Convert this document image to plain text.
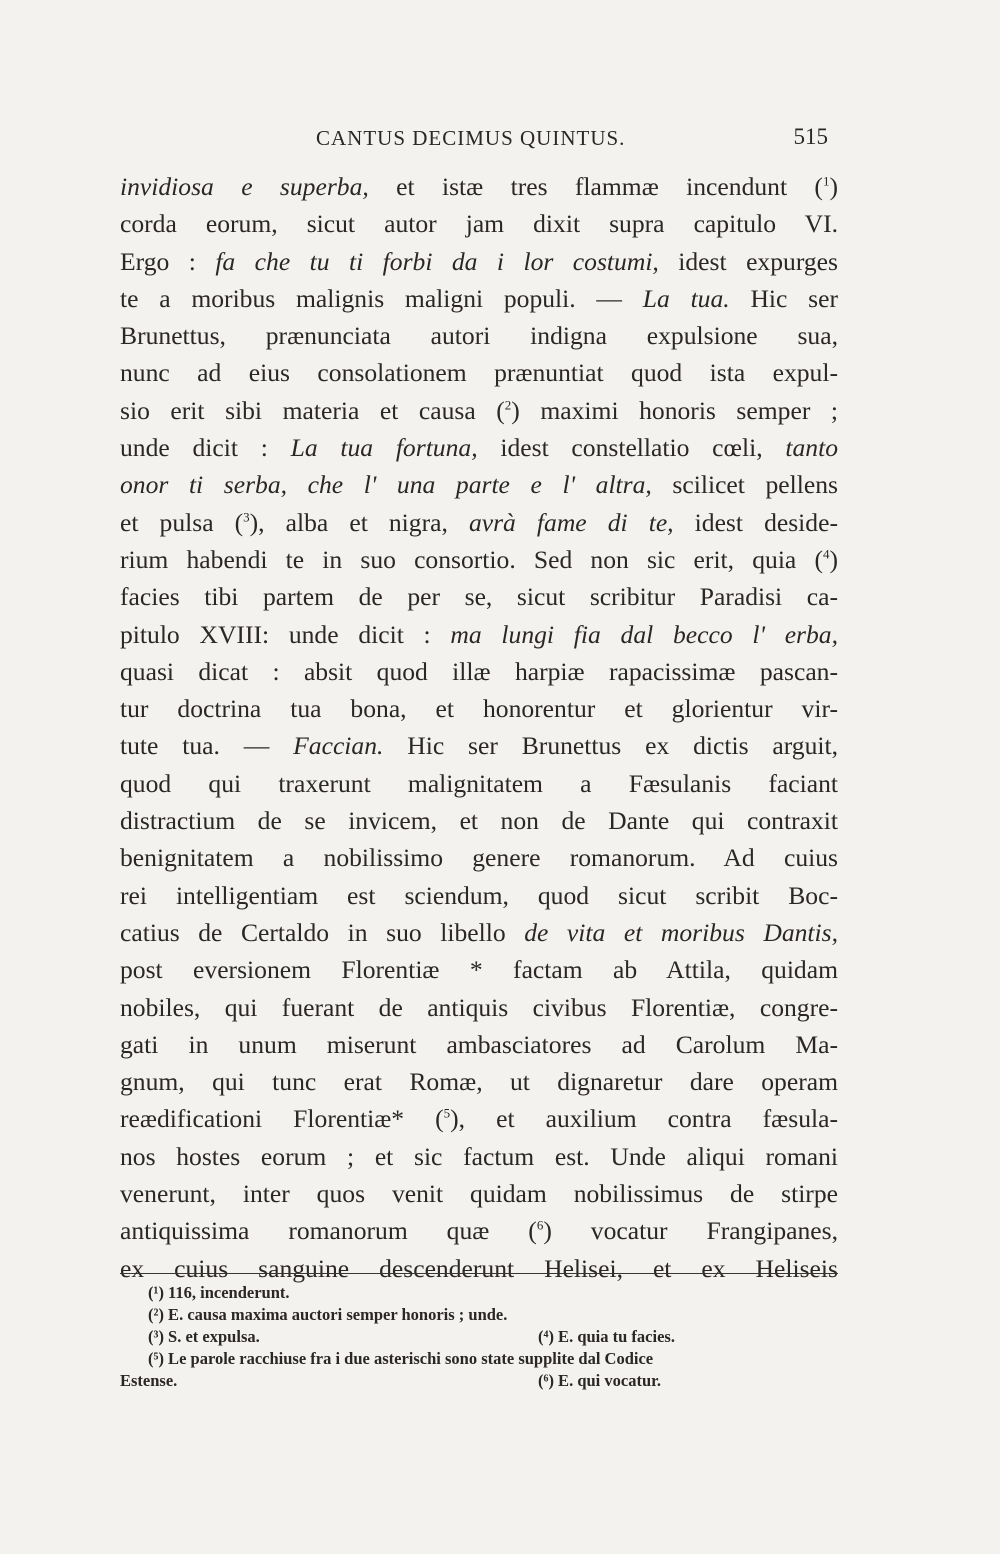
CANTUS DECIMUS QUINTUS.	515
invidiosa e superba, et istæ tres flammæ incendunt ($^1$)
corda eorum, sicut autor jam dixit supra capitulo VI.
Ergo : fa che tu ti forbi da i lor costumi, idest expurges
te a moribus malignis maligni populi. — La tua. Hic ser
Brunettus, prænunciata autori indigna expulsione sua,
nunc ad eius consolationem prænuntiat quod ista expul-
sio erit sibi materia et causa ($^2$) maximi honoris semper ;
unde dicit : La tua fortuna, idest constellatio cœli, tanto
onor ti serba, che l' una parte e l' altra, scilicet pellens
et pulsa ($^3$), alba et nigra, avrà fame di te, idest deside-
rium habendi te in suo consortio. Sed non sic erit, quia ($^4$)
facies tibi partem de per se, sicut scribitur Paradisi ca-
pitulo XVIII: unde dicit : ma lungi fia dal becco l' erba,
quasi dicat : absit quod illæ harpiæ rapacissimæ pascan-
tur doctrina tua bona, et honorentur et glorientur vir-
tute tua. — Faccian. Hic ser Brunettus ex dictis arguit,
quod qui traxerunt malignitatem a Fæsulanis faciant
distractium de se invicem, et non de Dante qui contraxit
benignitatem a nobilissimo genere romanorum. Ad cuius
rei intelligentiam est sciendum, quod sicut scribit Boc-
catius de Certaldo in suo libello de vita et moribus Dantis,
post eversionem Florentiæ * factam ab Attila, quidam
nobiles, qui fuerant de antiquis civibus Florentiæ, congre-
gati in unum miserunt ambasciatores ad Carolum Ma-
gnum, qui tunc erat Romæ, ut dignaretur dare operam
reædificationi Florentiæ* ($^5$), et auxilium contra fæsula-
nos hostes eorum ; et sic factum est. Unde aliqui romani
venerunt, inter quos venit quidam nobilissimus de stirpe
antiquissima romanorum quæ ($^6$) vocatur Frangipanes,
ex cuius sanguine descenderunt Helisei, et ex Heliseis
(¹) 116, incenderunt.
(²) E. causa maxima auctori semper honoris ; unde.
(³) S. et expulsa.	(⁴) E. quia tu facies.
(⁵) Le parole racchiuse fra i due asterischi sono state supplite dal Codice
Estense.	(⁶) E. qui vocatur.
